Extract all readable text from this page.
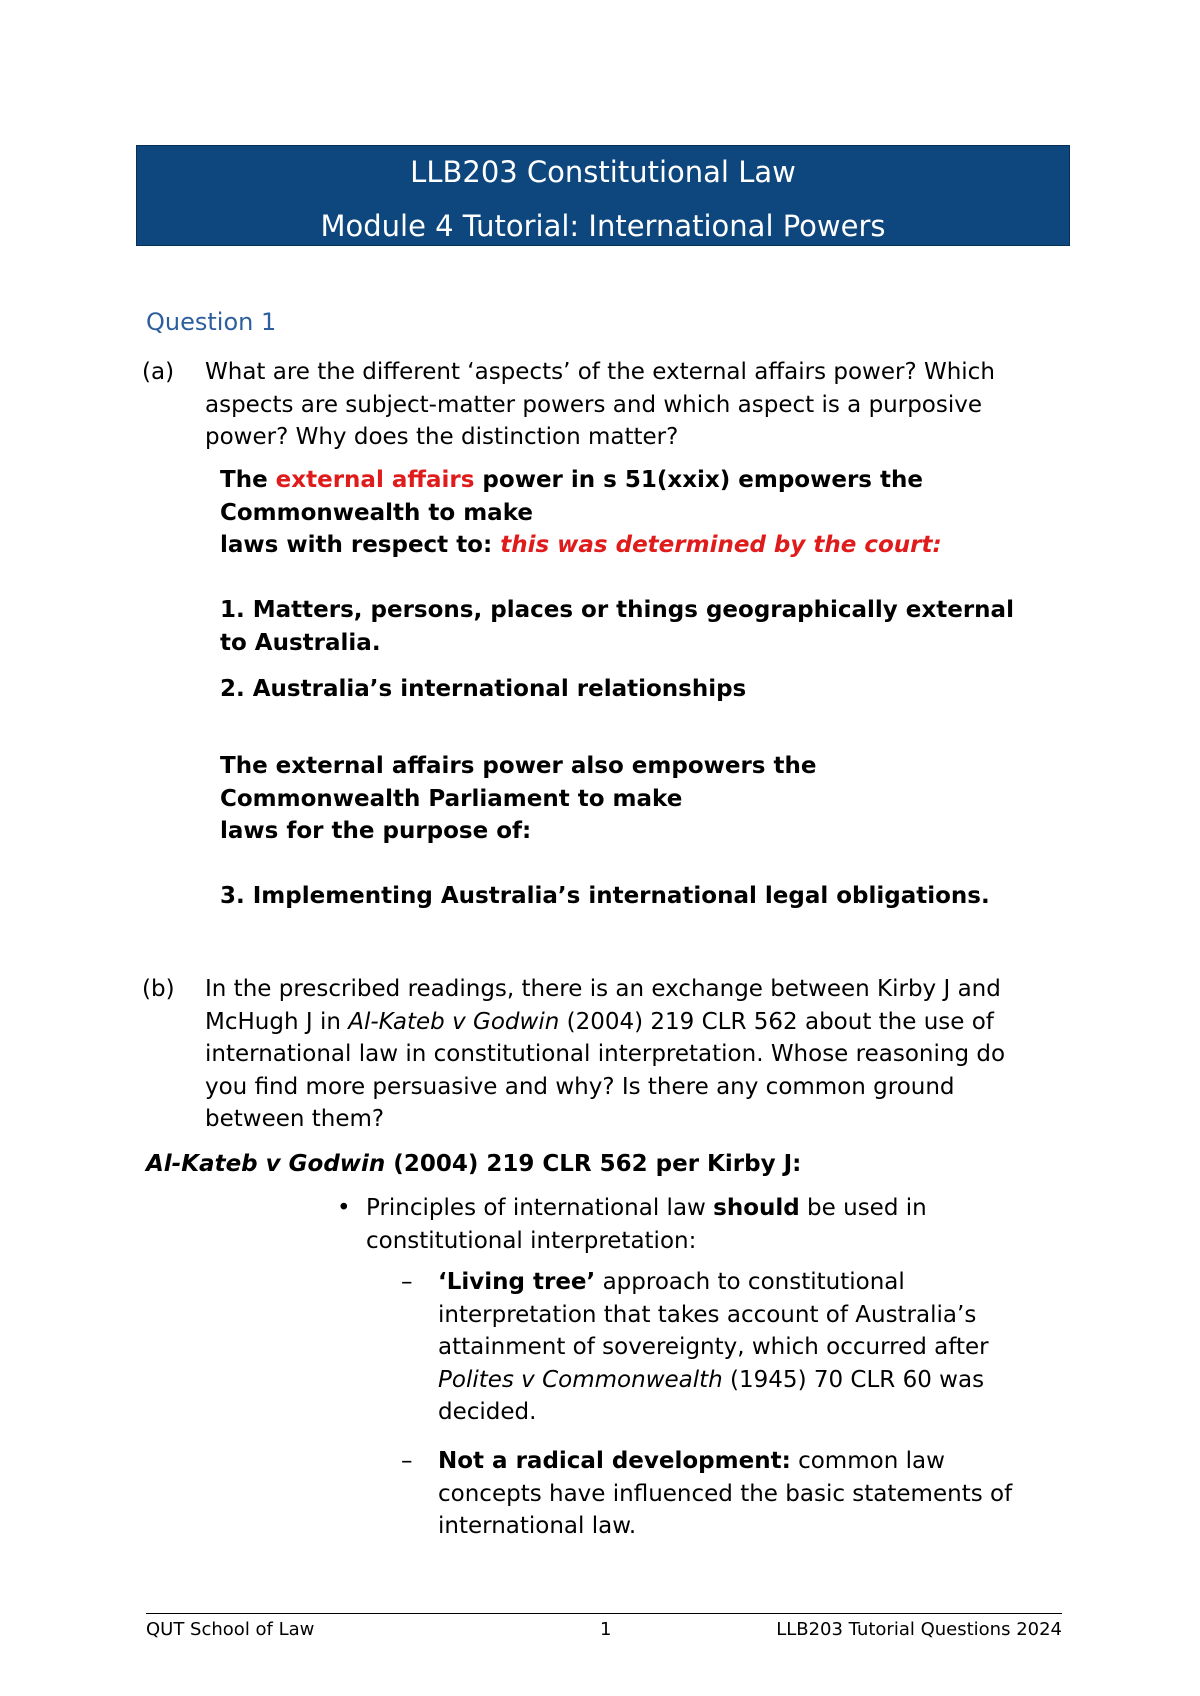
LLB203 Constitutional Law
Module 4 Tutorial: International Powers
Question 1
(a) What are the different ‘aspects’ of the external affairs power? Which
aspects are subject-matter powers and which aspect is a purposive
power? Why does the distinction matter?
The external affairs power in s 51(xxix) empowers the
Commonwealth to make
laws with respect to: this was determined by the court:
1. Matters, persons, places or things geographically external
to Australia.
2. Australia’s international relationships
The external affairs power also empowers the
Commonwealth Parliament to make
laws for the purpose of:
3. Implementing Australia’s international legal obligations.
(b) In the prescribed readings, there is an exchange between Kirby J and
McHugh J in Al-Kateb v Godwin (2004) 219 CLR 562 about the use of
international law in constitutional interpretation. Whose reasoning do
you find more persuasive and why? Is there any common ground
between them?
Al-Kateb v Godwin (2004) 219 CLR 562 per Kirby J:
• Principles of international law should be used in
constitutional interpretation:
– ‘Living tree’ approach to constitutional
interpretation that takes account of Australia’s
attainment of sovereignty, which occurred after
Polites v Commonwealth (1945) 70 CLR 60 was
decided.
– Not a radical development: common law
concepts have influenced the basic statements of
international law.
QUT School of Law	1	LLB203 Tutorial Questions 2024
